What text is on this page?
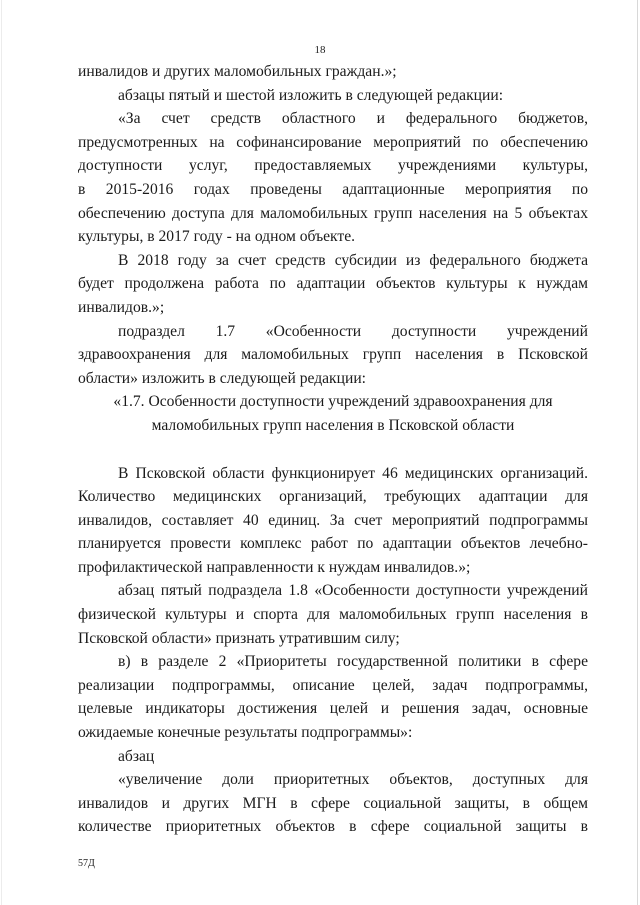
18

инвалидов и других маломобильных граждан.»;

абзацы пятый и шестой изложить в следующей редакции:

«За счет средств областного и федерального бюджетов,

предусмотренных на софинансирование мероприятий по обеспечению

доступности услуг, предоставляемых учреждениями культуры,

в 2015-2016 годах проведены адаптационные мероприятия по

обеспечению доступа для маломобильных групп населения на 5 объектах

культуры, в 2017 году - на одном объекте.

В 2018 году за счет средств субсидии из федерального бюджета

будет продолжена работа по адаптации объектов культуры к нуждам

инвалидов.»;

подраздел 1.7 «Особенности доступности учреждений

здравоохранения для маломобильных групп населения в Псковской

области» изложить в следующей редакции:

«1.7. Особенности доступности учреждений здравоохранения для

маломобильных групп населения в Псковской области

В Псковской области функционирует 46 медицинских организаций.

Количество медицинских организаций, требующих адаптации для

инвалидов, составляет 40 единиц. За счет мероприятий подпрограммы

планируется провести комплекс работ по адаптации объектов лечебно-

профилактической направленности к нуждам инвалидов.»;

абзац пятый подраздела 1.8 «Особенности доступности учреждений

физической культуры и спорта для маломобильных групп населения в

Псковской области» признать утратившим силу;

в) в разделе 2 «Приоритеты государственной политики в сфере

реализации подпрограммы, описание целей, задач подпрограммы,

целевые индикаторы достижения целей и решения задач, основные

ожидаемые конечные результаты подпрограммы»:

абзац

«увеличение доли приоритетных объектов, доступных для

инвалидов и других МГН в сфере социальной защиты, в общем

количестве приоритетных объектов в сфере социальной защиты в

57Д
